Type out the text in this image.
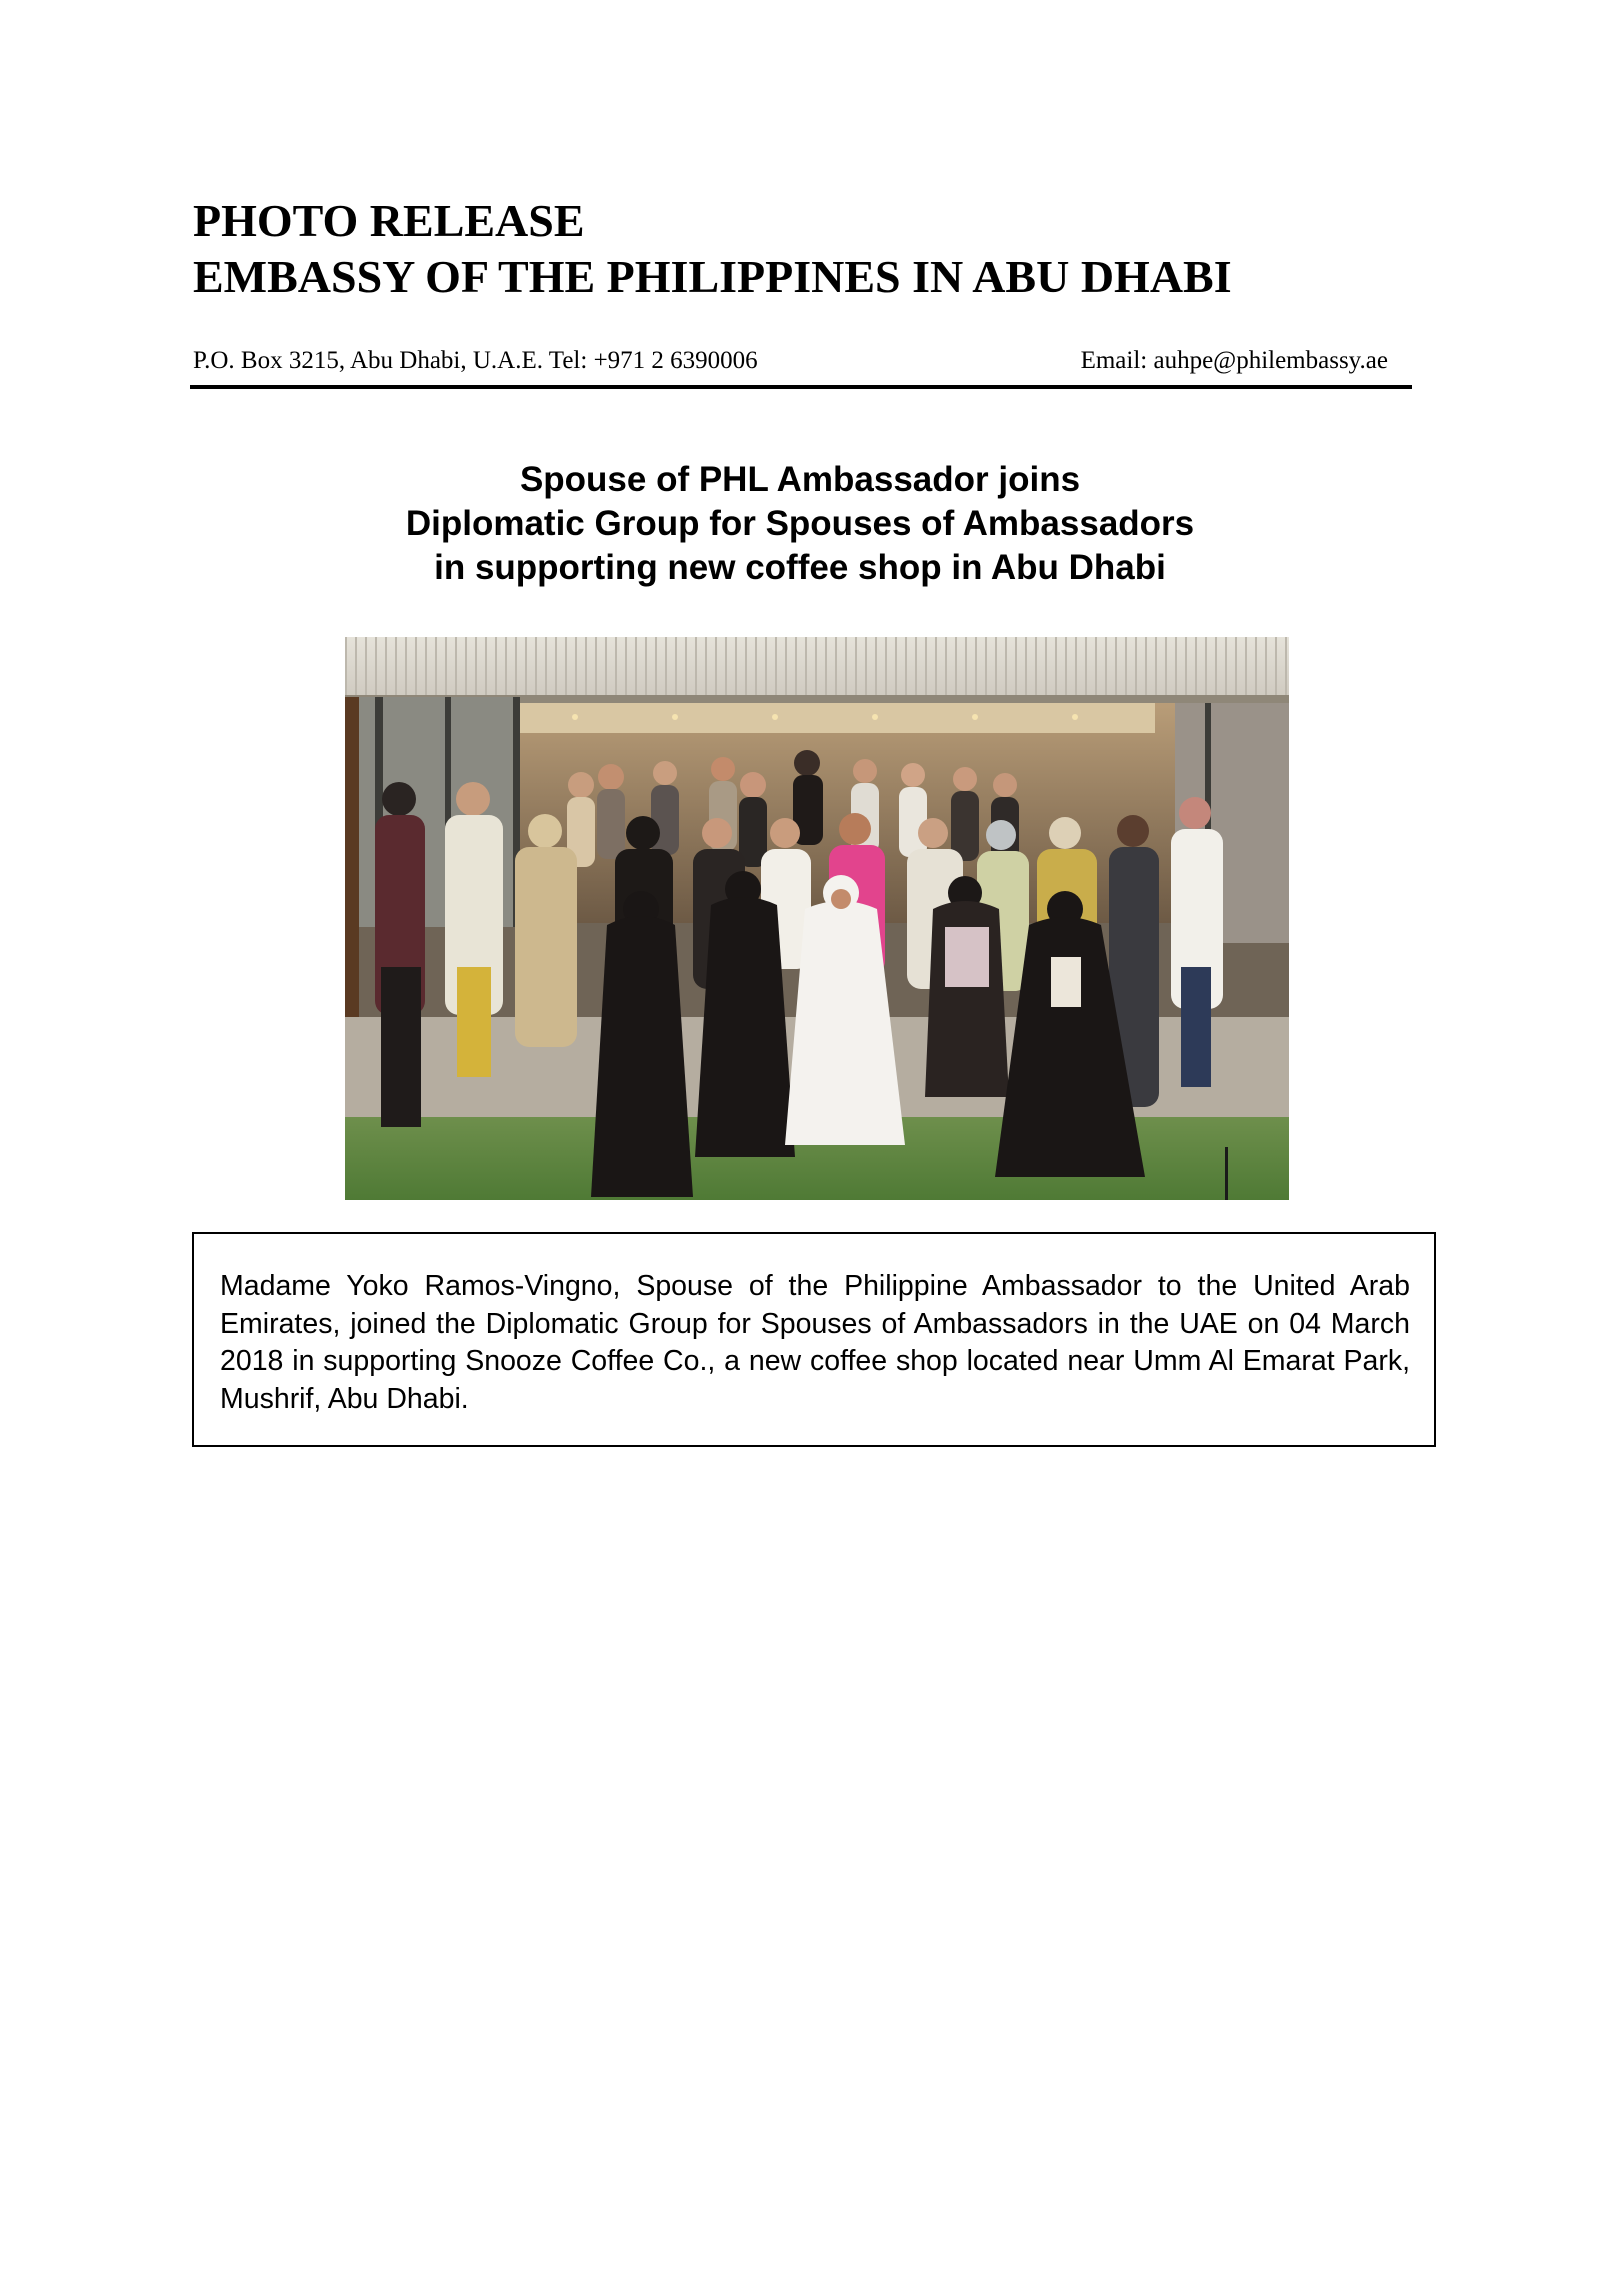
PHOTO RELEASE
EMBASSY OF THE PHILIPPINES IN ABU DHABI
P.O. Box 3215, Abu Dhabi, U.A.E. Tel: +971 2 6390006	Email: auhpe@philembassy.ae
Spouse of PHL Ambassador joins
Diplomatic Group for Spouses of Ambassadors
in supporting new coffee shop in Abu Dhabi
Madame Yoko Ramos-Vingno, Spouse of the Philippine Ambassador to the United Arab Emirates, joined the Diplomatic Group for Spouses of Ambassadors in the UAE on 04 March 2018 in supporting Snooze Coffee Co., a new coffee shop located near Umm Al Emarat Park, Mushrif, Abu Dhabi.
